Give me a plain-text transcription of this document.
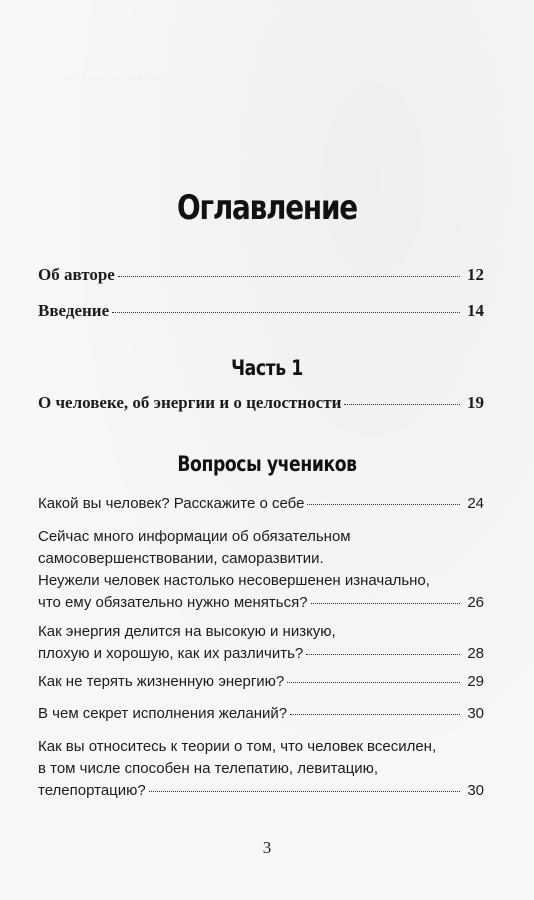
··························
Оглавление
Об авторе	12
Введение	14
Часть 1
О человеке, об энергии и о целостности	19
Вопросы учеников
Какой вы человек? Расскажите о себе	24
Сейчас много информации об обязательном
самосовершенствовании, саморазвитии.
Неужели человек настолько несовершенен изначально,
что ему обязательно нужно меняться?	26
Как энергия делится на высокую и низкую,
плохую и хорошую, как их различить?	28
Как не терять жизненную энергию?	29
В чем секрет исполнения желаний?	30
Как вы относитесь к теории о том, что человек всесилен,
в том числе способен на телепатию, левитацию,
телепортацию?	30
3
